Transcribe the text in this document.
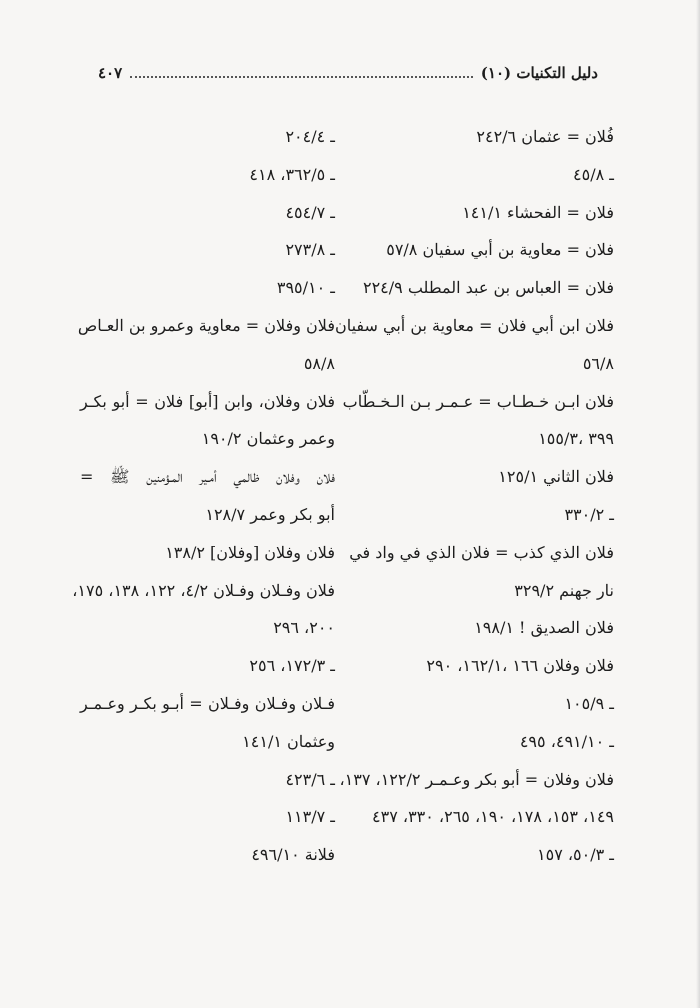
دليل التكنيات (١٠)
٤٠٧
فُلان = عثمان ٢٤٢/٦
ـ ٤٥/٨
فلان = الفحشاء ١٤١/١
فلان = معاوية بن أبي سفيان ٥٧/٨
فلان = العباس بن عبد المطلب ٢٢٤/٩
فلان ابن أبي فلان = معاوية بن أبي سفيان
٥٦/٨
فلان ابـن خـطـاب = عـمـر بـن الـخـطّاب
٣٩٩ ،١٥٥/٣
فلان الثاني ١٢٥/١
ـ ٣٣٠/٢
فلان الذي كذب = فلان الذي في واد في
نار جهنم ٣٢٩/٢
فلان الصديق ! ١٩٨/١
فلان وفلان ١٦٦ ،١٦٢/١، ٢٩٠
ـ ١٠٥/٩
ـ ٤٩١/١٠، ٤٩٥
فلان وفلان = أبو بكر وعـمـر ١٢٢/٢، ١٣٧،
١٤٩، ١٥٣، ١٧٨، ١٩٠، ٢٦٥، ٣٣٠، ٤٣٧
ـ ٥٠/٣، ١٥٧
ـ ٢٠٤/٤
ـ ٣٦٢/٥، ٤١٨
ـ ٤٥٤/٧
ـ ٢٧٣/٨
ـ ٣٩٥/١٠
فلان وفلان = معاوية وعمرو بن العـاص
٥٨/٨
فلان وفلان، وابن [أبو] فلان = أبو بكـر
وعمر وعثمان ١٩٠/٢
فلان وفلان ظالمي أمـير المـؤمنين ﷺ =
أبو بكر وعمر ١٢٨/٧
فلان وفلان [وفلان] ١٣٨/٢
فلان وفـلان وفـلان ٤/٢، ١٢٢، ١٣٨، ١٧٥،
٢٠٠، ٢٩٦
ـ ١٧٢/٣، ٢٥٦
فـلان وفـلان وفـلان = أبـو بكـر وعـمـر
وعثمان ١٤١/١
ـ ٤٢٣/٦
ـ ١١٣/٧
فلانة ٤٩٦/١٠
